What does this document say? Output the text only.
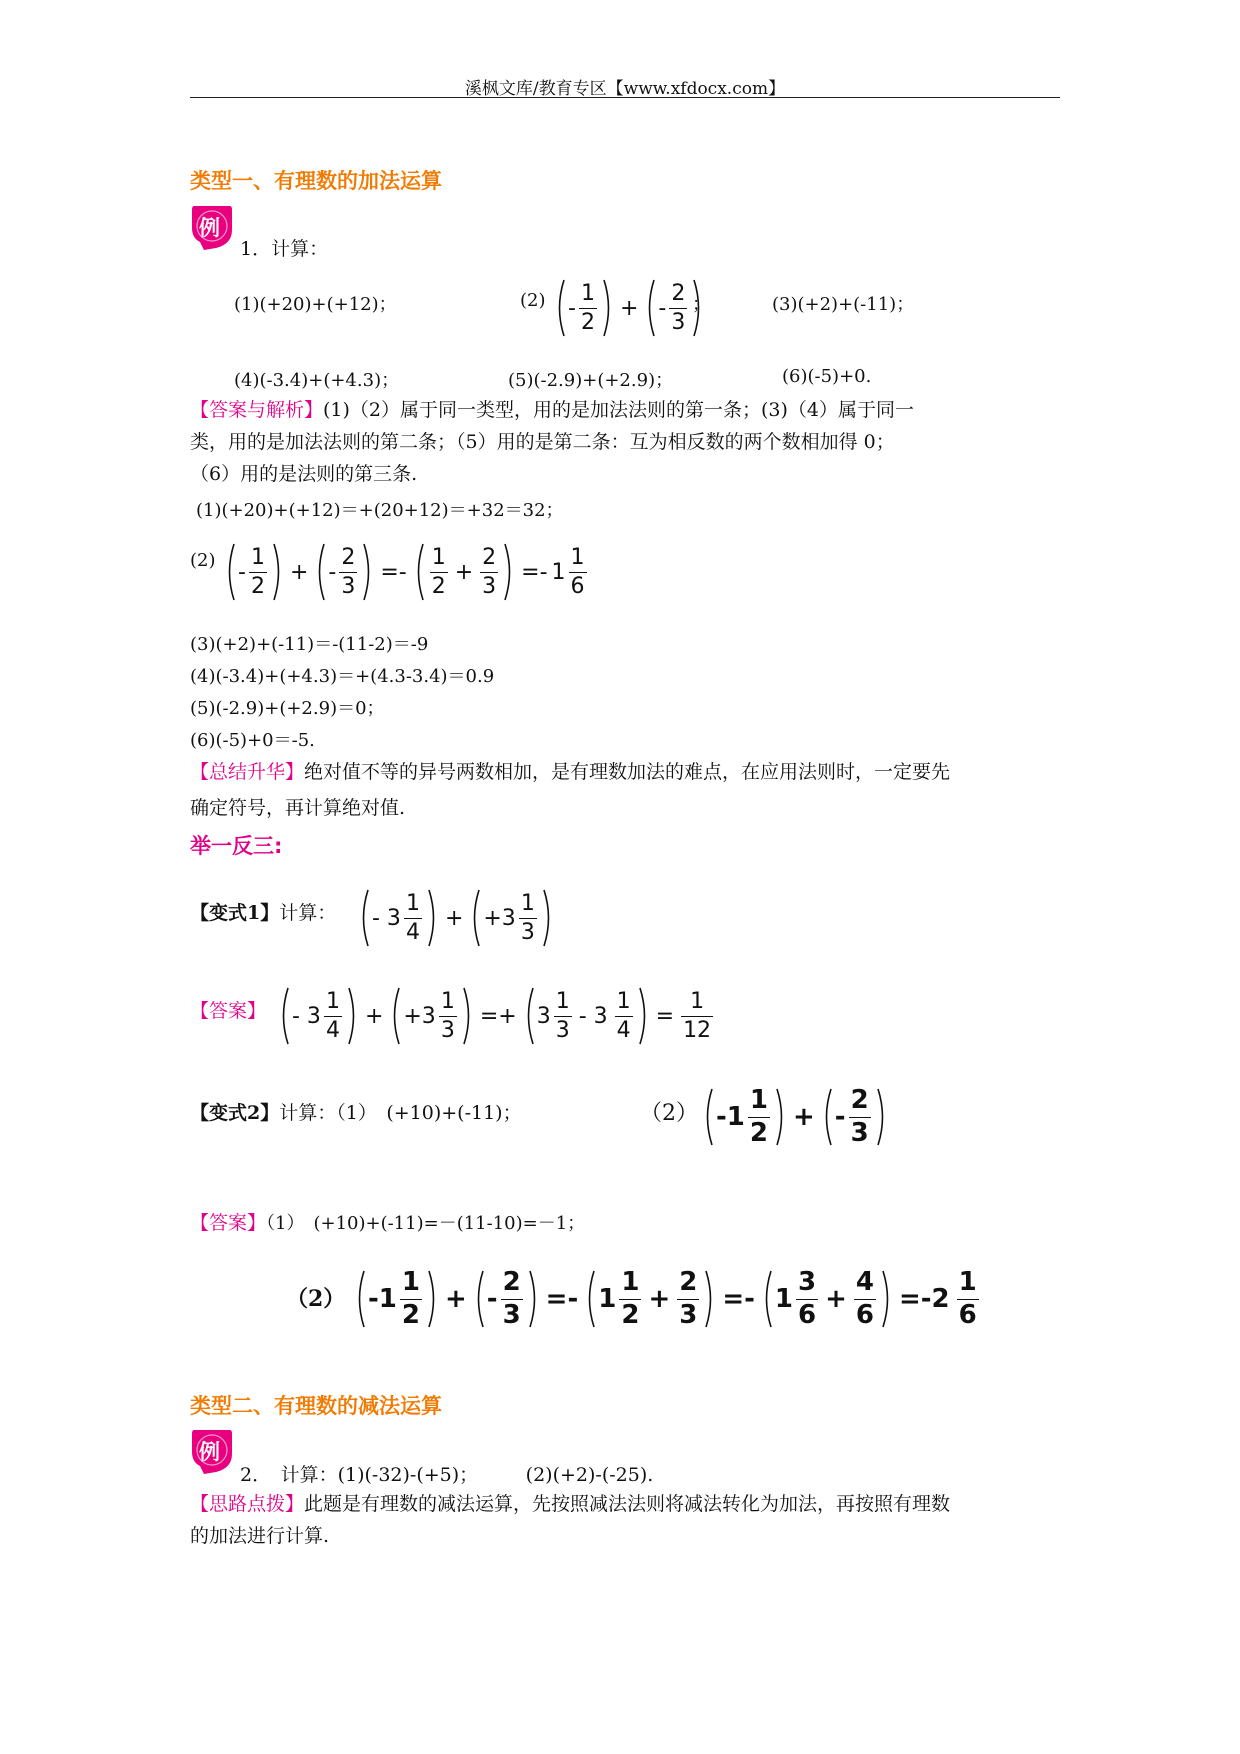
溪枫文库/教育专区【www.xfdocx.com】
类型一、有理数的加法运算
例
1．计算：
(1)(+20)+(+12)；	$(2) - \frac{1}{2}$ + - $\frac{2}{3}$ ；	(3)(+2)+(-11)；
(4)(-3.4)+(+4.3)；	(5)(-2.9)+(+2.9)；	(6)(-5)+0.
【答案与解析】(1)（2）属于同一类型，用的是加法法则的第一条；(3)（4）属于同一
类，用的是加法法则的第二条；（5）用的是第二条：互为相反数的两个数相加得 0；
（6）用的是法则的第三条.
(1)(+20)+(+12)＝+(20+12)＝+32＝32；
$(2) - \frac{1}{2}$ + - $\frac{2}{3} =- \frac{1}{2} + \frac{2}{3} =- 1 \frac{1}{6}$
(3)(+2)+(-11)＝-(11-2)＝-9
(4)(-3.4)+(+4.3)＝+(4.3-3.4)＝0.9
(5)(-2.9)+(+2.9)＝0；
(6)(-5)+0＝-5.
【总结升华】绝对值不等的异号两数相加，是有理数加法的难点，在应用法则时，一定要先
确定符号，再计算绝对值.
举一反三:
【变式1】计算： - $3 \frac{1}{4} + +3 \frac{1}{3}$
【答案】 - $3 \frac{1}{4} + +3 \frac{1}{3} =+ 3 \frac{1}{3} - 3 \frac{1}{4} = \frac{1}{12}$
【变式2】计算：（1）　(+10)+(-11)；	（2） $-1 \frac{1}{2}$ + - $\frac{2}{3}$
【答案】（1）　(+10)+(-11)=－(11-10)=－1；
（2） $-1 \frac{1}{2}$ + - $\frac{2}{3} =- 1 \frac{1}{2} + \frac{2}{3} =- 1 \frac{3}{6} + \frac{4}{6} =-2 \frac{1}{6}$
类型二、有理数的减法运算
例
2．　计算：(1)(-32)-(+5)；　　　(2)(+2)-(-25).
【思路点拨】此题是有理数的减法运算，先按照减法法则将减法转化为加法，再按照有理数
的加法进行计算.
